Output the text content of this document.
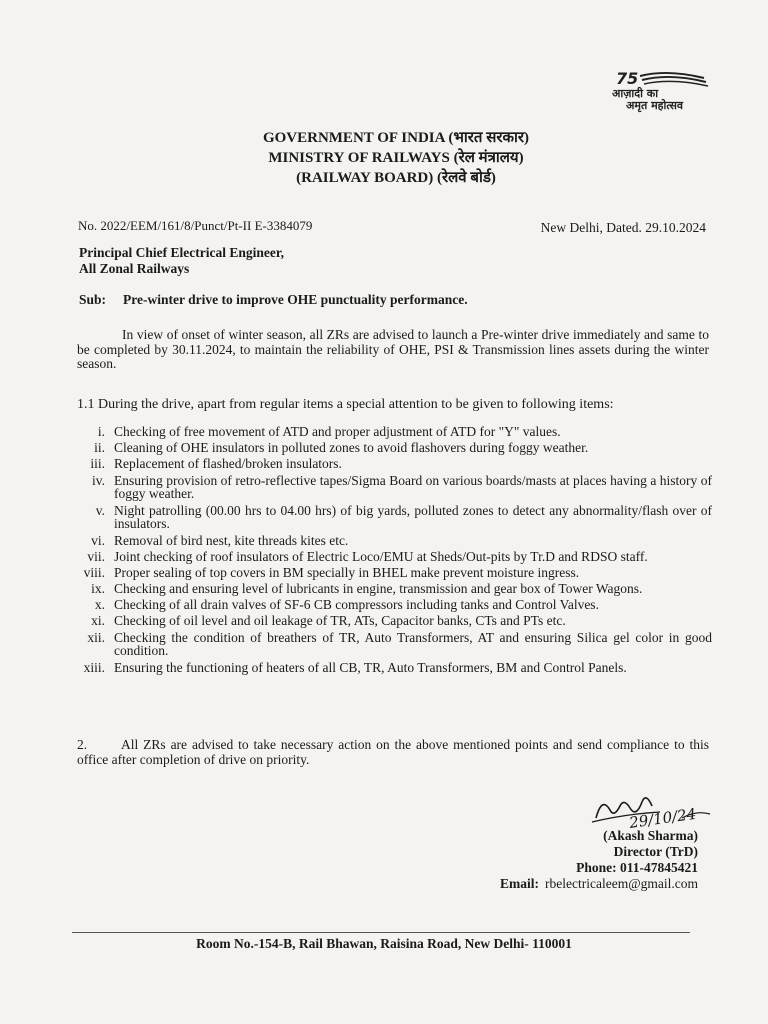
75
आज़ादी का
अमृत महोत्सव
GOVERNMENT OF INDIA (भारत सरकार)
MINISTRY OF RAILWAYS (रेल मंत्रालय)
(RAILWAY BOARD) (रेलवे बोर्ड)
No. 2022/EEM/161/8/Punct/Pt-II E-3384079	New Delhi, Dated. 29.10.2024
Principal Chief Electrical Engineer,
All Zonal Railways
Sub: Pre-winter drive to improve OHE punctuality performance.
In view of onset of winter season, all ZRs are advised to launch a Pre-winter drive immediately and same to be completed by 30.11.2024, to maintain the reliability of OHE, PSI & Transmission lines assets during the winter season.
1.1 During the drive, apart from regular items a special attention to be given to following items:
i. Checking of free movement of ATD and proper adjustment of ATD for "Y" values.
ii. Cleaning of OHE insulators in polluted zones to avoid flashovers during foggy weather.
iii. Replacement of flashed/broken insulators.
iv. Ensuring provision of retro-reflective tapes/Sigma Board on various boards/masts at places having a history of foggy weather.
v. Night patrolling (00.00 hrs to 04.00 hrs) of big yards, polluted zones to detect any abnormality/flash over of insulators.
vi. Removal of bird nest, kite threads kites etc.
vii. Joint checking of roof insulators of Electric Loco/EMU at Sheds/Out-pits by Tr.D and RDSO staff.
viii. Proper sealing of top covers in BM specially in BHEL make prevent moisture ingress.
ix. Checking and ensuring level of lubricants in engine, transmission and gear box of Tower Wagons.
x. Checking of all drain valves of SF-6 CB compressors including tanks and Control Valves.
xi. Checking of oil level and oil leakage of TR, ATs, Capacitor banks, CTs and PTs etc.
xii. Checking the condition of breathers of TR, Auto Transformers, AT and ensuring Silica gel color in good condition.
xiii. Ensuring the functioning of heaters of all CB, TR, Auto Transformers, BM and Control Panels.
2.	All ZRs are advised to take necessary action on the above mentioned points and send compliance to this office after completion of drive on priority.
29/10/24
(Akash Sharma)
Director (TrD)
Phone: 011-47845421
Email: rbelectricaleem@gmail.com
Room No.-154-B, Rail Bhawan, Raisina Road, New Delhi- 110001
